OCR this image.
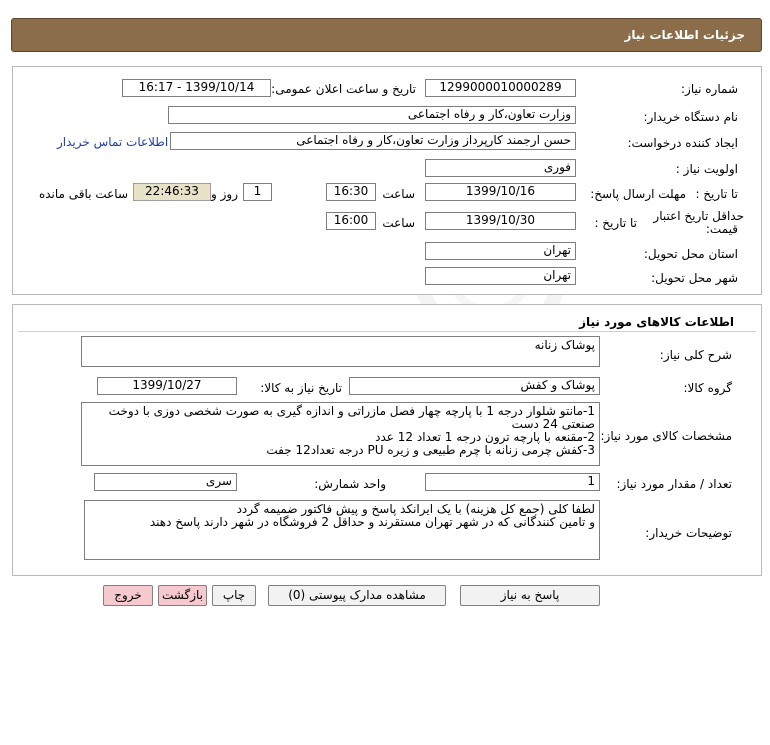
جزئیات اطلاعات نیاز
شماره نیاز:
1299000010000289
تاریخ و ساعت اعلان عمومی:
1399/10/14 - 16:17
نام دستگاه خریدار:
وزارت تعاون،کار و رفاه اجتماعی
ایجاد کننده درخواست:
حسن ارجمند کارپرداز وزارت تعاون،کار و رفاه اجتماعی
اطلاعات تماس خریدار
اولویت نیاز :
فوری
مهلت ارسال پاسخ: تا تاریخ :
1399/10/16
ساعت
16:30
1
روز و
22:46:33
ساعت باقی مانده
حداقل تاریخ اعتبار
قیمت:
تا تاریخ :
1399/10/30
ساعت
16:00
استان محل تحویل:
تهران
شهر محل تحویل:
تهران
اطلاعات کالاهای مورد نیاز
شرح کلی نیاز:
پوشاک زنانه
گروه کالا:
پوشاک و کفش
تاریخ نیاز به کالا:
1399/10/27
مشخصات کالای مورد نیاز:
1-مانتو شلوار درجه 1 با پارچه چهار فصل مازراتی و اندازه گیری به صورت شخصی دوزی با دوخت
صنعتی 24 دست
2-مقنعه با پارچه ترون درجه 1 تعداد 12 عدد
3-کفش چرمی زنانه با چرم طبیعی و زیره PU درجه تعداد12 جفت
تعداد / مقدار مورد نیاز:
1
واحد شمارش:
سری
توضیحات خریدار:
لطفا کلی (جمع کل هزینه) با یک ایرانکد پاسخ و پیش فاکتور ضمیمه گردد
و تامین کنندگانی که در شهر تهران مستقرند و حداقل 2 فروشگاه در شهر دارند پاسخ دهند
پاسخ به نیاز
مشاهده مدارک پیوستی (0)
چاپ
بازگشت
خروج
